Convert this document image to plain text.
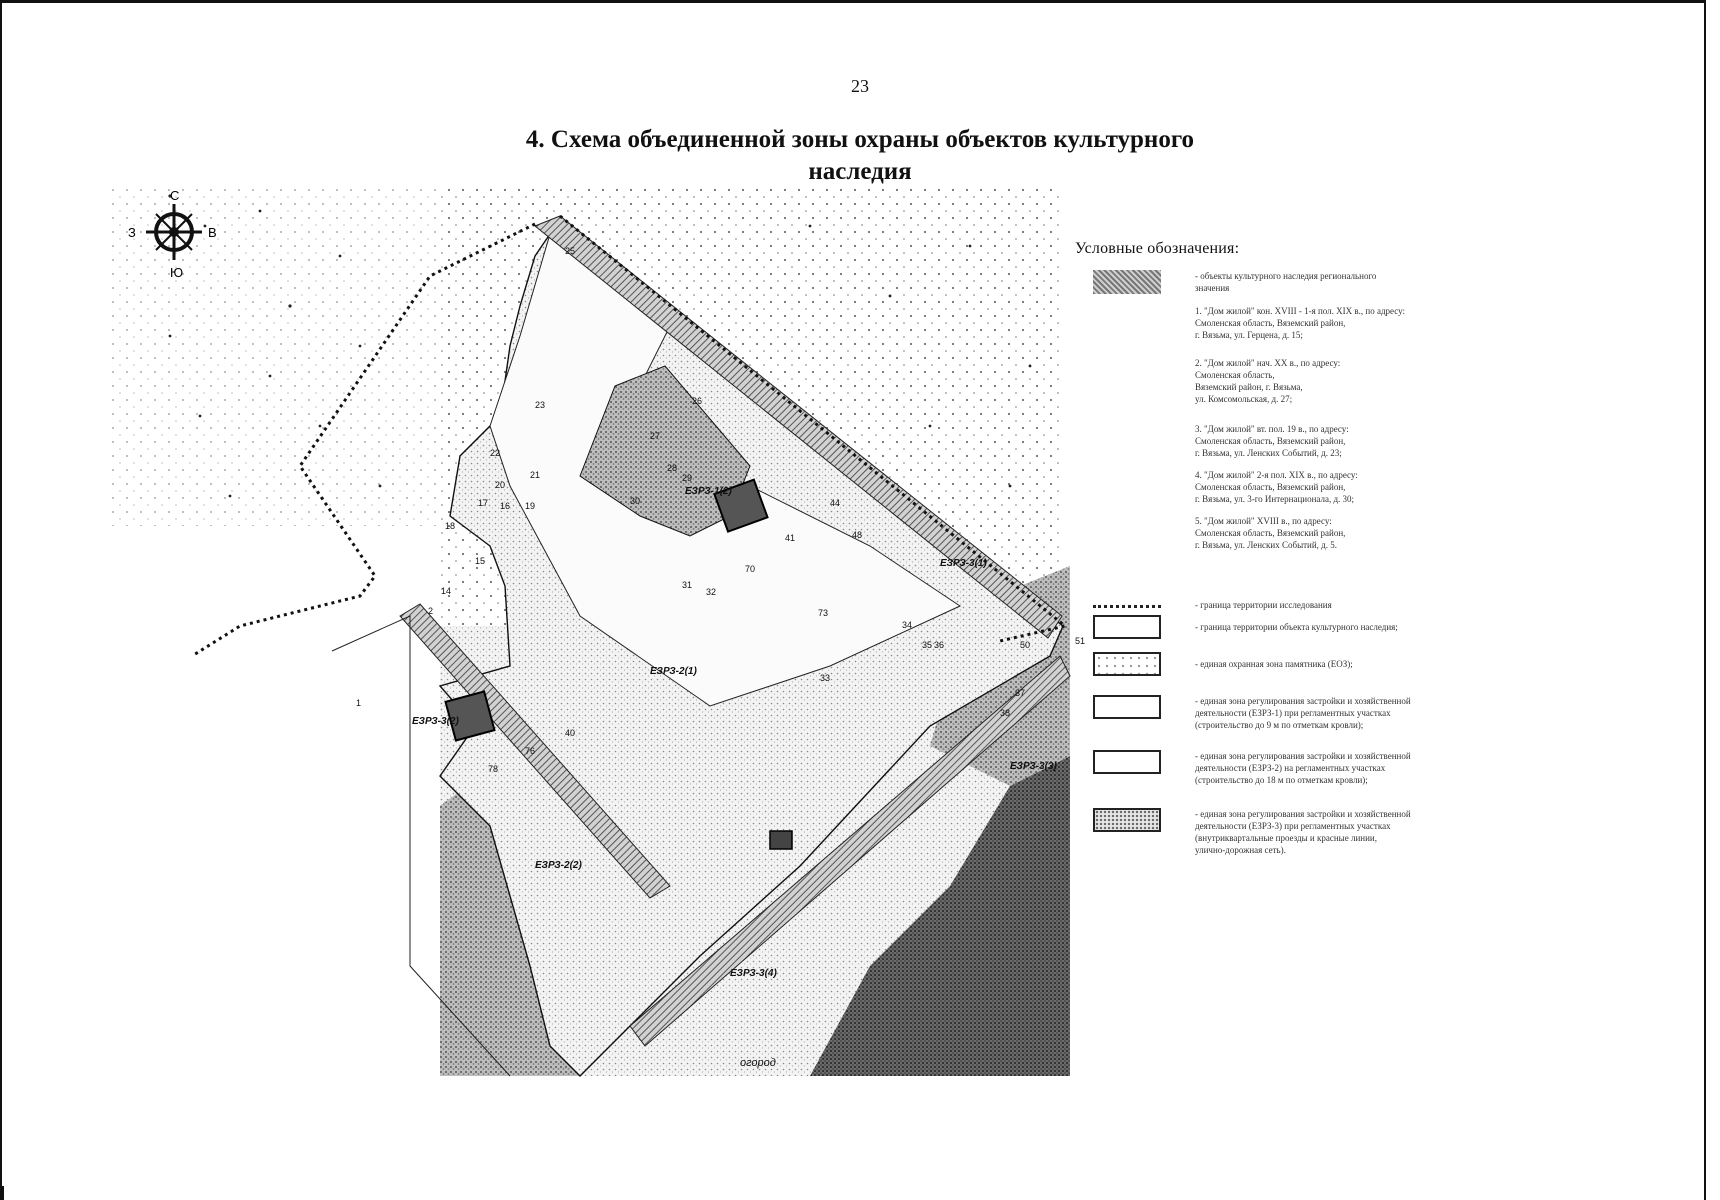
23
4. Схема объединенной зоны охраны объектов культурного
наследия
С
Ю
З	В
ЕЗРЗ-1(2)
ЕЗРЗ-3(1)
ЕЗРЗ-2(1)
ЕЗРЗ-3(2)
ЕЗРЗ-2(2)
ЕЗРЗ-3(3)
ЕЗРЗ-3(4)
1
2
14
15
16
17
18
19
20
21
22
23
25
26
27
28
29
30
31
32
33
34
35 36
37
38
40
41
44
48
50	51
70
73
76
78
огород
Условные обозначения:
- объекты культурного наследия регионального
значения
1. "Дом жилой" кон. XVIII - 1-я пол. XIX в., по адресу:
Смоленская область, Вяземский район,
г. Вязьма, ул. Герцена, д. 15;
2. "Дом жилой" нач. XX в., по адресу:
Смоленская область,
Вяземский район, г. Вязьма,
ул. Комсомольская, д. 27;
3. "Дом жилой" вт. пол. 19 в., по адресу:
Смоленская область, Вяземский район,
г. Вязьма, ул. Ленских Событий, д. 23;
4. "Дом жилой" 2-я пол. XIX в., по адресу:
Смоленская область, Вяземский район,
г. Вязьма, ул. 3-го Интернационала, д. 30;
5. "Дом жилой" XVIII в., по адресу:
Смоленская область, Вяземский район,
г. Вязьма, ул. Ленских Событий, д. 5.
- граница территории исследования
- граница территории объекта культурного наследия;
- единая охранная зона памятника (ЕОЗ);
- единая зона регулирования застройки и хозяйственной
деятельности (ЕЗРЗ-1) при регламентных участках
(строительство до 9 м по отметкам кровли);
- единая зона регулирования застройки и хозяйственной
деятельности (ЕЗРЗ-2) на регламентных участках
(строительство до 18 м по отметкам кровли);
- единая зона регулирования застройки и хозяйственной
деятельности (ЕЗРЗ-3) при регламентных участках
(внутриквартальные проезды и красные линии,
улично-дорожная сеть).
